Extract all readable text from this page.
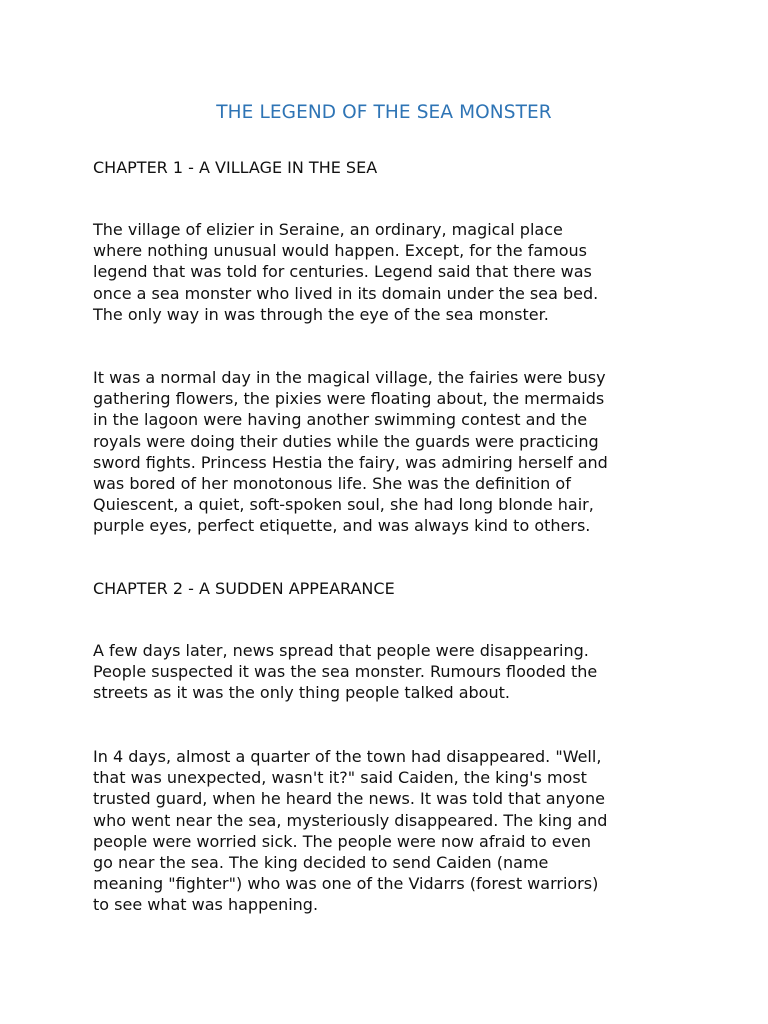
THE LEGEND OF THE SEA MONSTER
CHAPTER 1 - A VILLAGE IN THE SEA
The village of elizier in Seraine, an ordinary, magical place
where nothing unusual would happen. Except, for the famous
legend that was told for centuries. Legend said that there was
once a sea monster who lived in its domain under the sea bed.
The only way in was through the eye of the sea monster.
It was a normal day in the magical village, the fairies were busy
gathering flowers, the pixies were floating about, the mermaids
in the lagoon were having another swimming contest and the
royals were doing their duties while the guards were practicing
sword fights. Princess Hestia the fairy, was admiring herself and
was bored of her monotonous life. She was the definition of
Quiescent, a quiet, soft-spoken soul, she had long blonde hair,
purple eyes, perfect etiquette, and was always kind to others.
CHAPTER 2 - A SUDDEN APPEARANCE
A few days later, news spread that people were disappearing.
People suspected it was the sea monster. Rumours flooded the
streets as it was the only thing people talked about.
In 4 days, almost a quarter of the town had disappeared. "Well,
that was unexpected, wasn't it?" said Caiden, the king's most
trusted guard, when he heard the news. It was told that anyone
who went near the sea, mysteriously disappeared. The king and
people were worried sick. The people were now afraid to even
go near the sea. The king decided to send Caiden (name
meaning "fighter") who was one of the Vidarrs (forest warriors)
to see what was happening.
